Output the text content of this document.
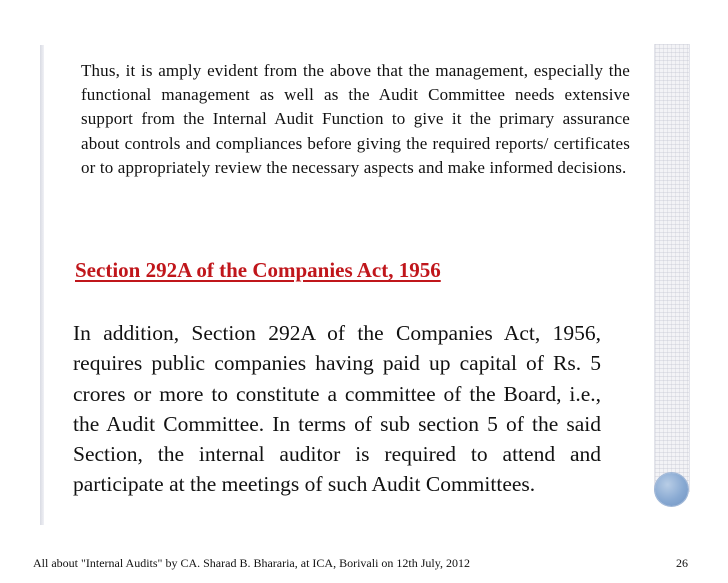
Thus, it is amply evident from the above that the management, especially the functional management as well as the Audit Committee needs extensive support from the Internal Audit Function to give it the primary assurance about controls and compliances before giving the required reports/ certificates or to appropriately review the necessary aspects and make informed decisions.

Section 292A of the Companies Act, 1956

In addition, Section 292A of the Companies Act, 1956, requires public companies having paid up capital of Rs. 5 crores or more to constitute a committee of the Board, i.e., the Audit Committee. In terms of sub section 5 of the said Section, the internal auditor is required to attend and participate at the meetings of such Audit Committees.

All about "Internal Audits" by CA. Sharad B. Bhararia, at ICA, Borivali on 12th July, 2012	26
